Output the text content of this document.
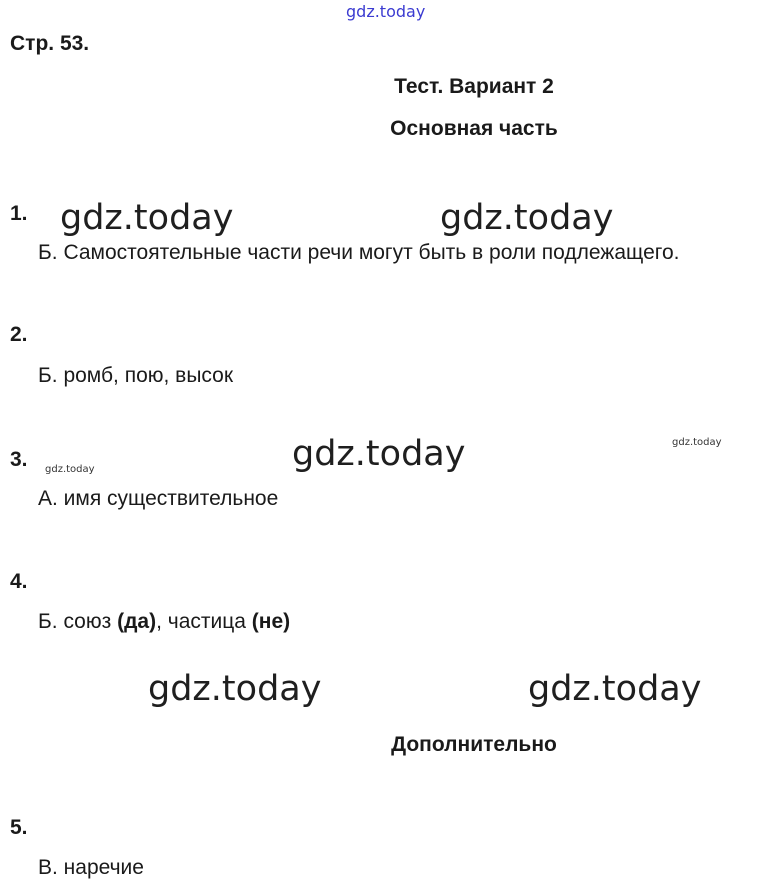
gdz.today
Стр. 53.
Тест. Вариант 2
Основная часть
1. gdz.today	gdz.today
Б. Самостоятельные части речи могут быть в роли подлежащего.
2.
Б. ромб, пою, высок
3. gdz.today	gdz.today	gdz.today
А. имя существительное
4.
Б. союз (да), частица (не)
gdz.today	gdz.today
Дополнительно
5.
В. наречие
